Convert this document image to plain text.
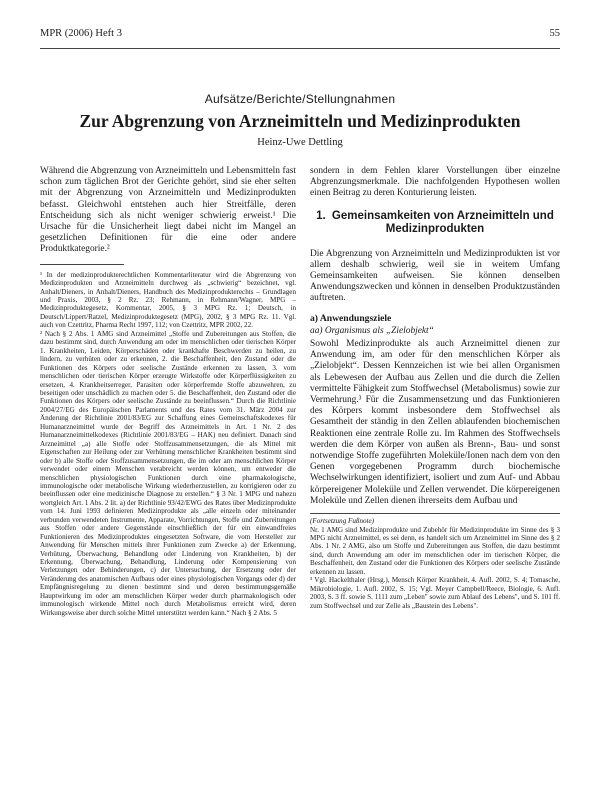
MPR (2006) Heft 3	55
Aufsätze/Berichte/Stellungnahmen
Zur Abgrenzung von Arzneimitteln und Medizinprodukten
Heinz-Uwe Dettling

Während die Abgrenzung von Arzneimitteln und Lebensmitteln fast schon zum täglichen Brot der Gerichte gehört, sind sie eher selten mit der Abgrenzung von Arzneimitteln und Medizinprodukten befasst. Gleichwohl entstehen auch hier Streitfälle, deren Entscheidung sich als nicht weniger schwierig erweist.¹ Die Ursache für die Unsicherheit liegt dabei nicht im Mangel an gesetzlichen Definitionen für die eine oder andere Produktkategorie.²

¹ In der medizinprodukterechtlichen Kommentarliteratur wird die Abgrenzung von Medizinprodukten und Arzneimitteln durchweg als „schwierig“ bezeichnet, vgl. Anhalt/Dieners, in Anhalt/Dieners, Handbuch des Medizinprodukterechts – Grundlagen und Praxis, 2003, § 2 Rz. 23; Rehmann, in Rehmann/Wagner, MPG – Medizinproduktegesetz, Kommentar, 2005, § 3 MPG Rz. 1; Deutsch, in Deutsch/Lippert/Ratzel, Medizinproduktegesetz (MPG), 2002, § 3 MPG Rz. 11. Vgl. auch von Czettritz, Pharma Recht 1997, 112; von Czettritz, MPR 2002, 22.

² Nach § 2 Abs. 1 AMG sind Arzneimittel „Stoffe und Zubereitungen aus Stoffen, die dazu bestimmt sind, durch Anwendung am oder im menschlichen oder tierischen Körper 1. Krankheiten, Leiden, Körperschäden oder krankhafte Beschwerden zu heilen, zu lindern, zu verhüten oder zu erkennen, 2. die Beschaffenheit, den Zustand oder die Funktionen des Körpers oder seelische Zustände erkennen zu lassen, 3. vom menschlichen oder tierischen Körper erzeugte Wirkstoffe oder Körperflüssigkeiten zu ersetzen, 4. Krankheitserreger, Parasiten oder körperfremde Stoffe abzuwehren, zu beseitigen oder unschädlich zu machen oder 5. die Beschaffenheit, den Zustand oder die Funktionen des Körpers oder seelische Zustände zu beeinflussen.“ Durch die Richtlinie 2004/27/EG des Europäischen Parlaments und des Rates vom 31. März 2004 zur Änderung der Richtlinie 2001/83/EG zur Schaffung eines Gemeinschaftskodexes für Humanarzneimittel wurde der Begriff des Arzneimittels in Art. 1 Nr. 2 des Humanarzneimittelkodexes (Richtlinie 2001/83/EG – HAK) neu definiert. Danach sind Arzneimittel „a) alle Stoffe oder Stoffzusammensetzungen, die als Mittel mit Eigenschaften zur Heilung oder zur Verhütung menschlicher Krankheiten bestimmt sind oder b) alle Stoffe oder Stoffzusammensetzungen, die im oder am menschlichen Körper verwendet oder einem Menschen verabreicht werden können, um entweder die menschlichen physiologischen Funktionen durch eine pharmakologische, immunologische oder metabolische Wirkung wiederherzustellen, zu korrigieren oder zu beeinflussen oder eine medizinische Diagnose zu erstellen.“ § 3 Nr. 1 MPG und nahezu wortgleich Art. 1 Abs. 2 lit. a) der Richtlinie 93/42/EWG des Rates über Medizinprodukte vom 14. Juni 1993 definieren Medizinprodukte als „alle einzeln oder miteinander verbunden verwendeten Instrumente, Apparate, Vorrichtungen, Stoffe und Zubereitungen aus Stoffen oder andere Gegenstände einschließlich der für ein einwandfreies Funktionieren des Medizinproduktes eingesetzten Software, die vom Hersteller zur Anwendung für Menschen mittels ihrer Funktionen zum Zwecke a) der Erkennung, Verhütung, Überwachung, Behandlung oder Linderung von Krankheiten, b) der Erkennung, Überwachung, Behandlung, Linderung oder Kompensierung von Verletzungen oder Behinderungen, c) der Untersuchung, der Ersetzung oder der Veränderung des anatomischen Aufbaus oder eines physiologischen Vorgangs oder d) der Empfängnisregelung zu dienen bestimmt sind und deren bestimmungsgemäße Hauptwirkung im oder am menschlichen Körper weder durch pharmakologisch oder immunologisch wirkende Mittel noch durch Metabolismus erreicht wird, deren Wirkungsweise aber durch solche Mittel unterstützt werden kann.“ Nach § 2 Abs. 5

sondern in dem Fehlen klarer Vorstellungen über einzelne Abgrenzungsmerkmale. Die nachfolgenden Hypothesen wollen einen Beitrag zu deren Konturierung leisten.

1. Gemeinsamkeiten von Arzneimitteln und Medizinprodukten

Die Abgrenzung von Arzneimitteln und Medizinprodukten ist vor allem deshalb schwierig, weil sie in weitem Umfang Gemeinsamkeiten aufweisen. Sie können denselben Anwendungszwecken und können in denselben Produktzuständen auftreten.

a) Anwendungsziele
aa) Organismus als „Zielobjekt“

Sowohl Medizinprodukte als auch Arzneimittel dienen zur Anwendung im, am oder für den menschlichen Körper als „Zielobjekt“. Dessen Kennzeichen ist wie bei allen Organismen als Lebewesen der Aufbau aus Zellen und die durch die Zellen vermittelte Fähigkeit zum Stoffwechsel (Metabolismus) sowie zur Vermehrung.³ Für die Zusammensetzung und das Funktionieren des Körpers kommt insbesondere dem Stoffwechsel als Gesamtheit der ständig in den Zellen ablaufenden biochemischen Reaktionen eine zentrale Rolle zu. Im Rahmen des Stoffwechsels werden die dem Körper von außen als Brenn-, Bau- und sonst notwendige Stoffe zugeführten Moleküle/Ionen nach dem von den Genen vorgegebenen Programm durch biochemische Wechselwirkungen identifiziert, isoliert und zum Auf- und Abbau körpereigener Moleküle und Zellen verwendet. Die körpereigenen Moleküle und Zellen dienen ihrerseits dem Aufbau und

(Fortsetzung Fußnote)

Nr. 1 AMG sind Medizinprodukte und Zubehör für Medizinprodukte im Sinne des § 3 MPG nicht Arzneimittel, es sei denn, es handelt sich um Arzneimittel im Sinne des § 2 Abs. 1 Nr. 2 AMG, also um Stoffe und Zubereitungen aus Stoffen, die dazu bestimmt sind, durch Anwendung am oder im menschlichen oder im tierischen Körper, die Beschaffenheit, den Zustand oder die Funktionen des Körpers oder seelische Zustände erkennen zu lassen.

³ Vgl. Hackelthaler (Hrsg.), Mensch Körper Krankheit, 4. Aufl. 2002, S. 4; Tomasche, Mikrobiologie, 1. Aufl. 2002, S. 15; Vgl. Meyer Campbell/Reece, Biologie, 6. Aufl. 2003, S. 3 ff. sowie S. 1111 zum „Leben" sowie zum Ablauf des Lebens", und S. 101 ff. zum Stoffwechsel und zur Zelle als „Baustein des Lebens".
